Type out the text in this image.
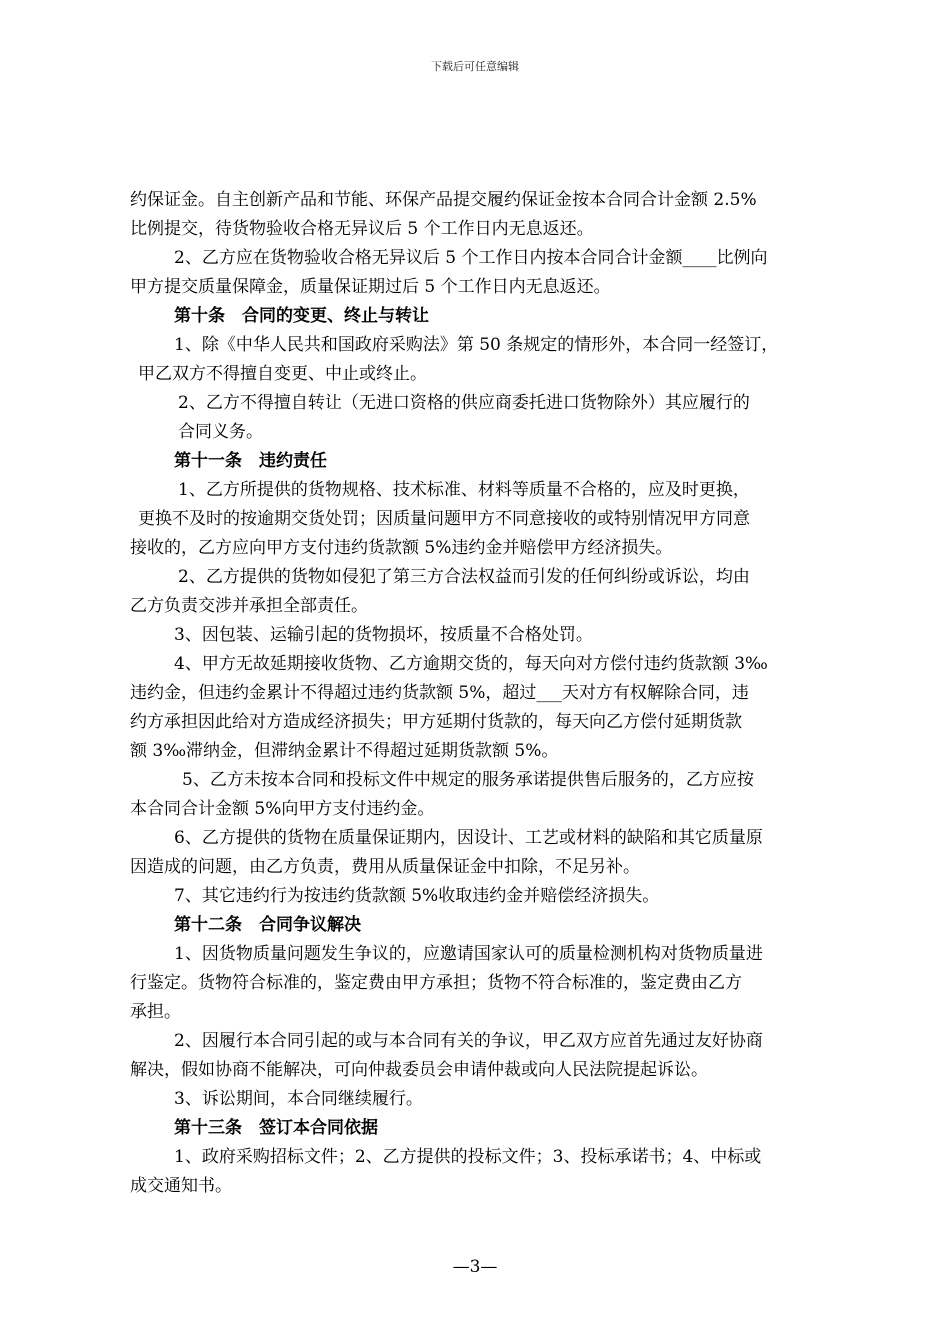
下载后可任意编辑
约保证金。自主创新产品和节能、环保产品提交履约保证金按本合同合计金额 2.5%
比例提交，待货物验收合格无异议后 5 个工作日内无息返还。
2、乙方应在货物验收合格无异议后 5 个工作日内按本合同合计金额____比例向
甲方提交质量保障金，质量保证期过后 5 个工作日内无息返还。
第十条　合同的变更、终止与转让
1、除《中华人民共和国政府采购法》第 50 条规定的情形外，本合同一经签订，
甲乙双方不得擅自变更、中止或终止。
2、乙方不得擅自转让（无进口资格的供应商委托进口货物除外）其应履行的
合同义务。
第十一条　违约责任
1、乙方所提供的货物规格、技术标准、材料等质量不合格的，应及时更换，
更换不及时的按逾期交货处罚；因质量问题甲方不同意接收的或特别情况甲方同意
接收的，乙方应向甲方支付违约货款额 5%违约金并赔偿甲方经济损失。
2、乙方提供的货物如侵犯了第三方合法权益而引发的任何纠纷或诉讼，均由
乙方负责交涉并承担全部责任。
3、因包装、运输引起的货物损坏，按质量不合格处罚。
4、甲方无故延期接收货物、乙方逾期交货的，每天向对方偿付违约货款额 3‰
违约金，但违约金累计不得超过违约货款额 5%，超过___天对方有权解除合同，违
约方承担因此给对方造成经济损失；甲方延期付货款的，每天向乙方偿付延期货款
额 3‰滞纳金，但滞纳金累计不得超过延期货款额 5%。
5、乙方未按本合同和投标文件中规定的服务承诺提供售后服务的，乙方应按
本合同合计金额 5%向甲方支付违约金。
6、乙方提供的货物在质量保证期内，因设计、工艺或材料的缺陷和其它质量原
因造成的问题，由乙方负责，费用从质量保证金中扣除，不足另补。
7、其它违约行为按违约货款额 5%收取违约金并赔偿经济损失。
第十二条　合同争议解决
1、因货物质量问题发生争议的，应邀请国家认可的质量检测机构对货物质量进
行鉴定。货物符合标准的，鉴定费由甲方承担；货物不符合标准的，鉴定费由乙方
承担。
2、因履行本合同引起的或与本合同有关的争议，甲乙双方应首先通过友好协商
解决，假如协商不能解决，可向仲裁委员会申请仲裁或向人民法院提起诉讼。
3、诉讼期间，本合同继续履行。
第十三条　签订本合同依据
1、政府采购招标文件；2、乙方提供的投标文件；3、投标承诺书；4、中标或
成交通知书。
—3—
